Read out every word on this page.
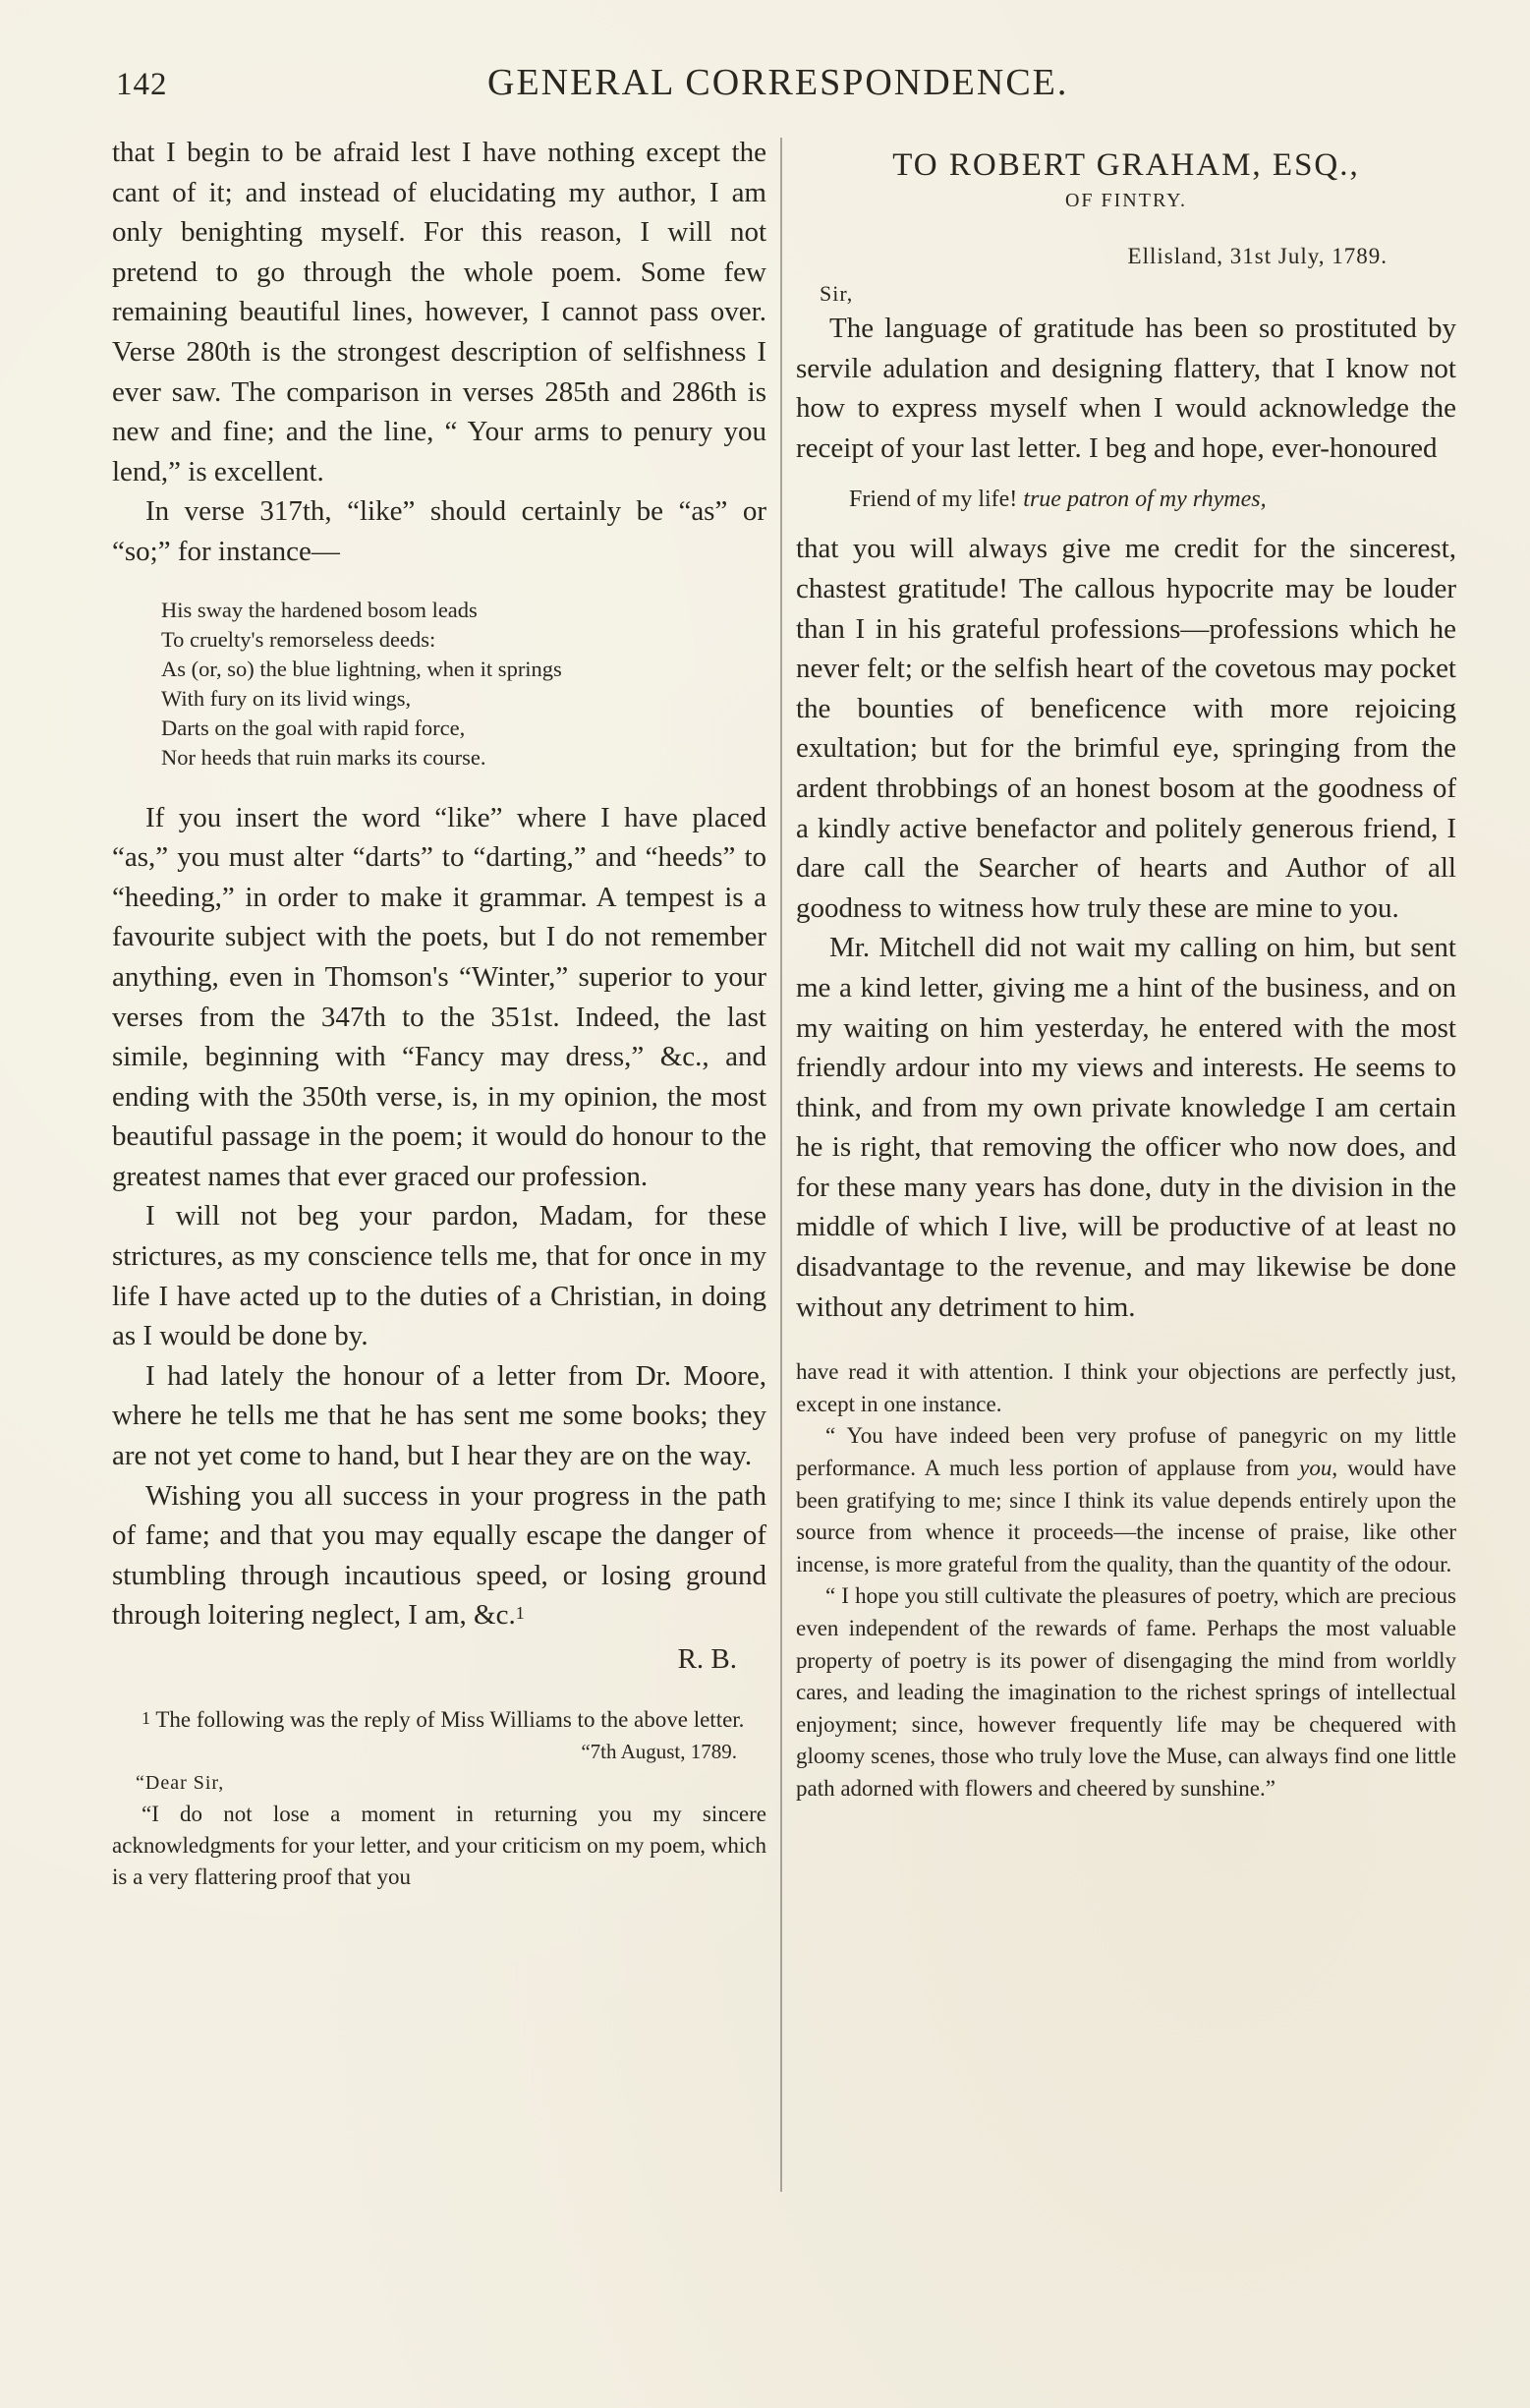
142	GENERAL CORRESPONDENCE.

that I begin to be afraid lest I have nothing except the cant of it; and instead of elucidating my author, I am only benighting myself. For this reason, I will not pretend to go through the whole poem. Some few remaining beautiful lines, however, I cannot pass over. Verse 280th is the strongest description of selfishness I ever saw. The comparison in verses 285th and 286th is new and fine; and the line, “ Your arms to penury you lend,” is excellent.

In verse 317th, “like” should certainly be “as” or “so;” for instance—

His sway the hardened bosom leads
To cruelty's remorseless deeds:
As (or, so) the blue lightning, when it springs
With fury on its livid wings,
Darts on the goal with rapid force,
Nor heeds that ruin marks its course.

If you insert the word “like” where I have placed “as,” you must alter “darts” to “darting,” and “heeds” to “heeding,” in order to make it grammar. A tempest is a favourite subject with the poets, but I do not remember anything, even in Thomson's “Winter,” superior to your verses from the 347th to the 351st. Indeed, the last simile, beginning with “Fancy may dress,” &c., and ending with the 350th verse, is, in my opinion, the most beautiful passage in the poem; it would do honour to the greatest names that ever graced our profession.

I will not beg your pardon, Madam, for these strictures, as my conscience tells me, that for once in my life I have acted up to the duties of a Christian, in doing as I would be done by.

I had lately the honour of a letter from Dr. Moore, where he tells me that he has sent me some books; they are not yet come to hand, but I hear they are on the way.

Wishing you all success in your progress in the path of fame; and that you may equally escape the danger of stumbling through incautious speed, or losing ground through loitering neglect, I am, &c.$^1$

R. B.

$^1$ The following was the reply of Miss Williams to the above letter.

“7th August, 1789.

“Dear Sir,

“I do not lose a moment in returning you my sincere acknowledgments for your letter, and your criticism on my poem, which is a very flattering proof that you

TO ROBERT GRAHAM, ESQ.,
OF FINTRY.
Ellisland, 31st July, 1789.
Sir,

The language of gratitude has been so prostituted by servile adulation and designing flattery, that I know not how to express myself when I would acknowledge the receipt of your last letter. I beg and hope, ever-honoured

Friend of my life! true patron of my rhymes,

that you will always give me credit for the sincerest, chastest gratitude! The callous hypocrite may be louder than I in his grateful professions—professions which he never felt; or the selfish heart of the covetous may pocket the bounties of beneficence with more rejoicing exultation; but for the brimful eye, springing from the ardent throbbings of an honest bosom at the goodness of a kindly active benefactor and politely generous friend, I dare call the Searcher of hearts and Author of all goodness to witness how truly these are mine to you.

Mr. Mitchell did not wait my calling on him, but sent me a kind letter, giving me a hint of the business, and on my waiting on him yesterday, he entered with the most friendly ardour into my views and interests. He seems to think, and from my own private knowledge I am certain he is right, that removing the officer who now does, and for these many years has done, duty in the division in the middle of which I live, will be productive of at least no disadvantage to the revenue, and may likewise be done without any detriment to him.

have read it with attention. I think your objections are perfectly just, except in one instance.

“ You have indeed been very profuse of panegyric on my little performance. A much less portion of applause from you, would have been gratifying to me; since I think its value depends entirely upon the source from whence it proceeds—the incense of praise, like other incense, is more grateful from the quality, than the quantity of the odour.

“ I hope you still cultivate the pleasures of poetry, which are precious even independent of the rewards of fame. Perhaps the most valuable property of poetry is its power of disengaging the mind from worldly cares, and leading the imagination to the richest springs of intellectual enjoyment; since, however frequently life may be chequered with gloomy scenes, those who truly love the Muse, can always find one little path adorned with flowers and cheered by sunshine.”
